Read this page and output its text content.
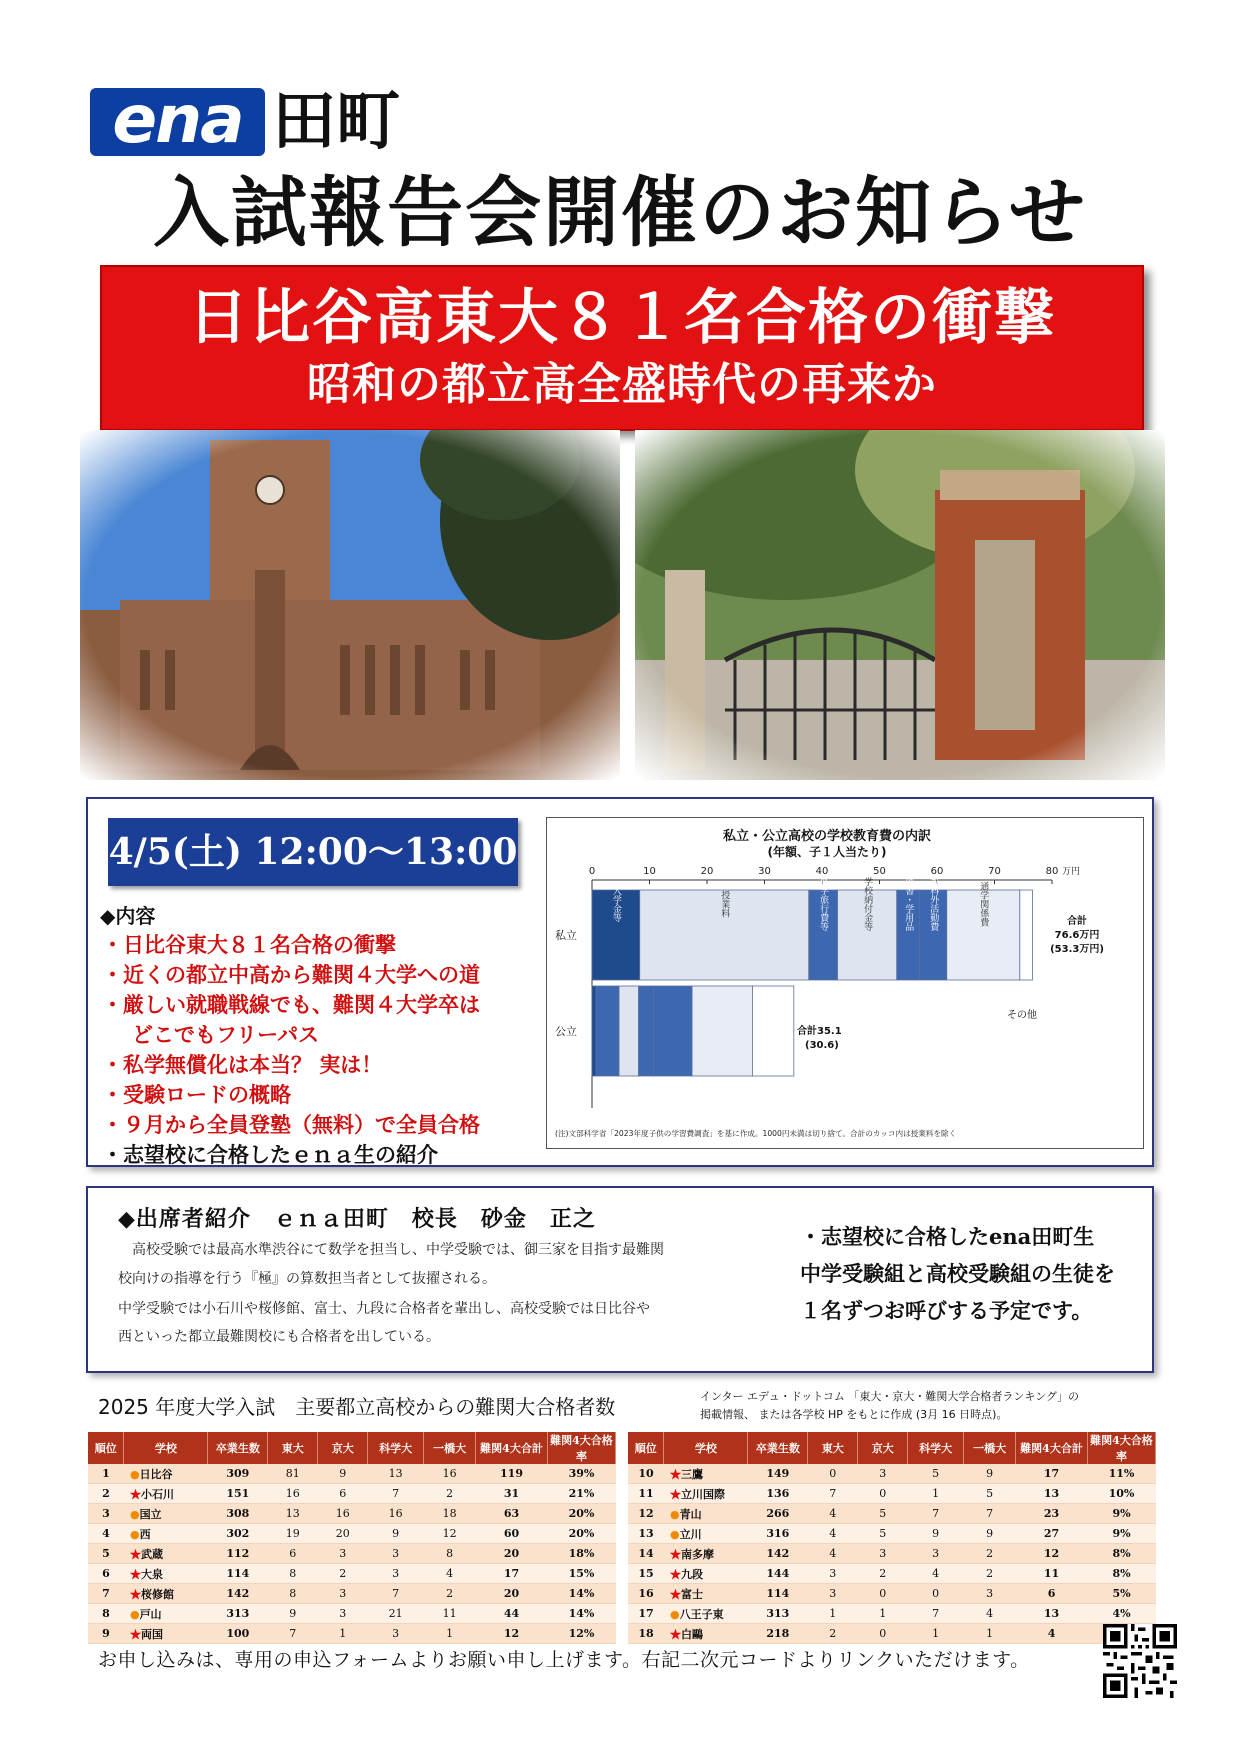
ena 田町
入試報告会開催のお知らせ
日比谷高東大８１名合格の衝撃
昭和の都立高全盛時代の再来か
4/5(土) 12:00～13:00
◆内容
・日比谷東大８１名合格の衝撃
・近くの都立中高から難関４大学への道
・厳しい就職戦線でも、難関４大学卒は
どこでもフリーパス
・私学無償化は本当？ 実は！
・受験ロードの概略
・９月から全員登塾（無料）で全員合格
・志望校に合格したｅｎａ生の紹介
私立・公立高校の学校教育費の内訳
(年額、子１人当たり)
0	10	20	30	40	50	60	70	80 万円
私立
公立
入学金等	授業料	修学旅行費等	学校納付金等	図書・学用品 教科外活動費	通学関係費	合計
76.6万円
(53.3万円)
その他
合計35.1
(30.6)
(注)文部科学省「2023年度子供の学習費調査」を基に作成。1000円未満は切り捨て。合計のカッコ内は授業料を除く
◆出席者紹介　ｅｎａ田町　校長　砂金　正之
高校受験では最高水準渋谷にて数学を担当し、中学受験では、御三家を目指す最難関
校向けの指導を行う『極』の算数担当者として抜擢される。
中学受験では小石川や桜修館、富士、九段に合格者を輩出し、高校受験では日比谷や
西といった都立最難関校にも合格者を出している。
・志望校に合格したena田町生
中学受験組と高校受験組の生徒を
１名ずつお呼びする予定です。
2025 年度大学入試　主要都立高校からの難関大合格者数	インター エデュ・ドットコム 「東大・京大・難関大学合格者ランキング」の
掲載情報、 または各学校 HP をもとに作成 (3月 16 日時点)。
順位	学校	卒業生数	東大	京大	科学大	一橋大	難関4大合計	難関4大合格率
1	●日比谷	309	81	9	13	16	119	39%
2	★小石川	151	16	6	7	2	31	21%
3	●国立	308	13	16	16	18	63	20%
4	●西	302	19	20	9	12	60	20%
5	★武蔵	112	6	3	3	8	20	18%
6	★大泉	114	8	2	3	4	17	15%
7	★桜修館	142	8	3	7	2	20	14%
8	●戸山	313	9	3	21	11	44	14%
9	★両国	100	7	1	3	1	12	12%
順位	学校	卒業生数	東大	京大	科学大	一橋大	難関4大合計	難関4大合格率
10	★三鷹	149	0	3	5	9	17	11%
11	★立川国際	136	7	0	1	5	13	10%
12	●青山	266	4	5	7	7	23	9%
13	●立川	316	4	5	9	9	27	9%
14	★南多摩	142	4	3	3	2	12	8%
15	★九段	144	3	2	4	2	11	8%
16	★富士	114	3	0	0	3	6	5%
17	●八王子東	313	1	1	7	4	13	4%
18	★白鷗	218	2	0	1	1	4	
お申し込みは、専用の申込フォームよりお願い申し上げます。右記二次元コードよりリンクいただけます。
